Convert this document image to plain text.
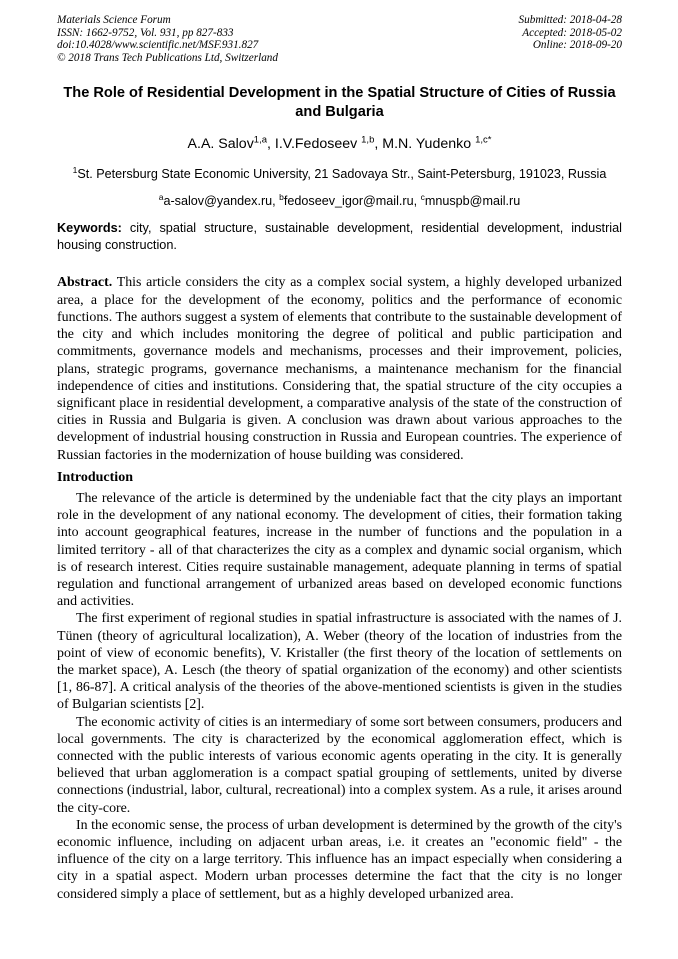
Materials Science Forum
ISSN: 1662-9752, Vol. 931, pp 827-833
doi:10.4028/www.scientific.net/MSF.931.827
© 2018 Trans Tech Publications Ltd, Switzerland
Submitted: 2018-04-28
Accepted: 2018-05-02
Online: 2018-09-20
The Role of Residential Development in the Spatial Structure of Cities of Russia and Bulgaria
A.A. Salov$^{1,a}$, I.V.Fedoseev $^{1,b}$, M.N. Yudenko $^{1,c*}$
$^1$St. Petersburg State Economic University, 21 Sadovaya Str., Saint-Petersburg, 191023, Russia
$^a$a-salov@yandex.ru, $^b$fedoseev_igor@mail.ru, $^c$mnuspb@mail.ru

Keywords: city, spatial structure, sustainable development, residential development, industrial housing construction.

Abstract. This article considers the city as a complex social system, a highly developed urbanized area, a place for the development of the economy, politics and the performance of economic functions. The authors suggest a system of elements that contribute to the sustainable development of the city and which includes monitoring the degree of political and public participation and commitments, governance models and mechanisms, processes and their improvement, policies, plans, strategic programs, governance mechanisms, a maintenance mechanism for the financial independence of cities and institutions. Considering that, the spatial structure of the city occupies a significant place in residential development, a comparative analysis of the state of the construction of cities in Russia and Bulgaria is given. A conclusion was drawn about various approaches to the development of industrial housing construction in Russia and European countries. The experience of Russian factories in the modernization of house building was considered.

Introduction

The relevance of the article is determined by the undeniable fact that the city plays an important role in the development of any national economy. The development of cities, their formation taking into account geographical features, increase in the number of functions and the population in a limited territory - all of that characterizes the city as a complex and dynamic social organism, which is of research interest. Cities require sustainable management, adequate planning in terms of spatial regulation and functional arrangement of urbanized areas based on developed economic functions and activities.

The first experiment of regional studies in spatial infrastructure is associated with the names of J. Tünen (theory of agricultural localization), A. Weber (theory of the location of industries from the point of view of economic benefits), V. Kristaller (the first theory of the location of settlements on the market space), A. Lesch (the theory of spatial organization of the economy) and other scientists [1, 86-87]. A critical analysis of the theories of the above-mentioned scientists is given in the studies of Bulgarian scientists [2].

The economic activity of cities is an intermediary of some sort between consumers, producers and local governments. The city is characterized by the economical agglomeration effect, which is connected with the public interests of various economic agents operating in the city. It is generally believed that urban agglomeration is a compact spatial grouping of settlements, united by diverse connections (industrial, labor, cultural, recreational) into a complex system. As a rule, it arises around the city-core.

In the economic sense, the process of urban development is determined by the growth of the city's economic influence, including on adjacent urban areas, i.e. it creates an "economic field" - the influence of the city on a large territory. This influence has an impact especially when considering a city in a spatial aspect. Modern urban processes determine the fact that the city is no longer considered simply a place of settlement, but as a highly developed urbanized area.
